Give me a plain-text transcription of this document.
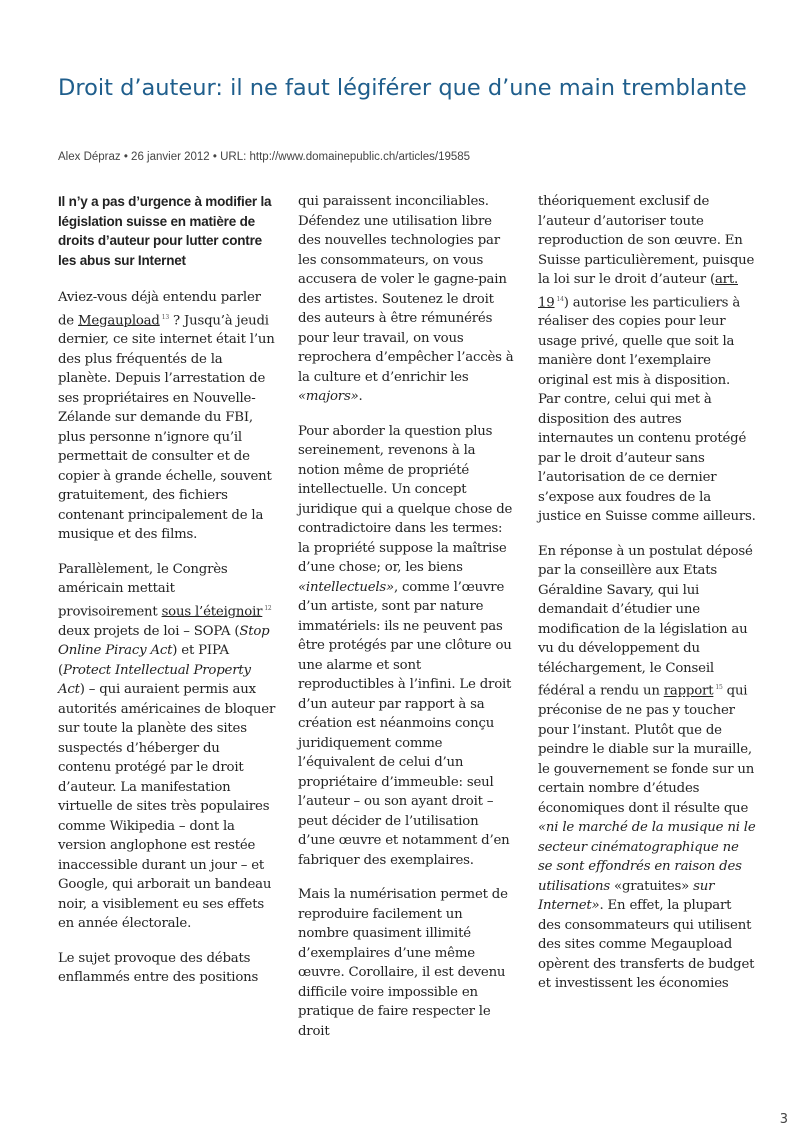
Droit d’auteur: il ne faut légiférer que d’une main tremblante
Alex Dépraz • 26 janvier 2012 • URL: http://www.domainepublic.ch/articles/19585

Il n’y a pas d’urgence à modifier la législation suisse en matière de droits d’auteur pour lutter contre les abus sur Internet

Aviez-vous déjà entendu parler de Megaupload $^{13}$ ? Jusqu’à jeudi dernier, ce site internet était l’un des plus fréquentés de la planète. Depuis l’arrestation de ses propriétaires en Nouvelle-Zélande sur demande du FBI, plus personne n’ignore qu’il permettait de consulter et de copier à grande échelle, souvent gratuitement, des fichiers contenant principalement de la musique et des films.

Parallèlement, le Congrès américain mettait provisoirement sous l’éteignoir $^{12}$ deux projets de loi – SOPA (Stop Online Piracy Act) et PIPA (Protect Intellectual Property Act) – qui auraient permis aux autorités américaines de bloquer sur toute la planète des sites suspectés d’héberger du contenu protégé par le droit d’auteur. La manifestation virtuelle de sites très populaires comme Wikipedia – dont la version anglophone est restée inaccessible durant un jour – et Google, qui arborait un bandeau noir, a visiblement eu ses effets en année électorale.

Le sujet provoque des débats enflammés entre des positions

qui paraissent inconciliables. Défendez une utilisation libre des nouvelles technologies par les consommateurs, on vous accusera de voler le gagne-pain des artistes. Soutenez le droit des auteurs à être rémunérés pour leur travail, on vous reprochera d’empêcher l’accès à la culture et d’enrichir les «majors».

Pour aborder la question plus sereinement, revenons à la notion même de propriété intellectuelle. Un concept juridique qui a quelque chose de contradictoire dans les termes: la propriété suppose la maîtrise d’une chose; or, les biens «intellectuels», comme l’œuvre d’un artiste, sont par nature immatériels: ils ne peuvent pas être protégés par une clôture ou une alarme et sont reproductibles à l’infini. Le droit d’un auteur par rapport à sa création est néanmoins conçu juridiquement comme l’équivalent de celui d’un propriétaire d’immeuble: seul l’auteur – ou son ayant droit – peut décider de l’utilisation d’une œuvre et notamment d’en fabriquer des exemplaires.

Mais la numérisation permet de reproduire facilement un nombre quasiment illimité d’exemplaires d’une même œuvre. Corollaire, il est devenu difficile voire impossible en pratique de faire respecter le droit

théoriquement exclusif de l’auteur d’autoriser toute reproduction de son œuvre. En Suisse particulièrement, puisque la loi sur le droit d’auteur (art. 19 $^{14}$) autorise les particuliers à réaliser des copies pour leur usage privé, quelle que soit la manière dont l’exemplaire original est mis à disposition. Par contre, celui qui met à disposition des autres internautes un contenu protégé par le droit d’auteur sans l’autorisation de ce dernier s’expose aux foudres de la justice en Suisse comme ailleurs.

En réponse à un postulat déposé par la conseillère aux Etats Géraldine Savary, qui lui demandait d’étudier une modification de la législation au vu du développement du téléchargement, le Conseil fédéral a rendu un rapport $^{15}$ qui préconise de ne pas y toucher pour l’instant. Plutôt que de peindre le diable sur la muraille, le gouvernement se fonde sur un certain nombre d’études économiques dont il résulte que «ni le marché de la musique ni le secteur cinématographique ne se sont effondrés en raison des utilisations «gratuites» sur Internet». En effet, la plupart des consommateurs qui utilisent des sites comme Megaupload opèrent des transferts de budget et investissent les économies

3
